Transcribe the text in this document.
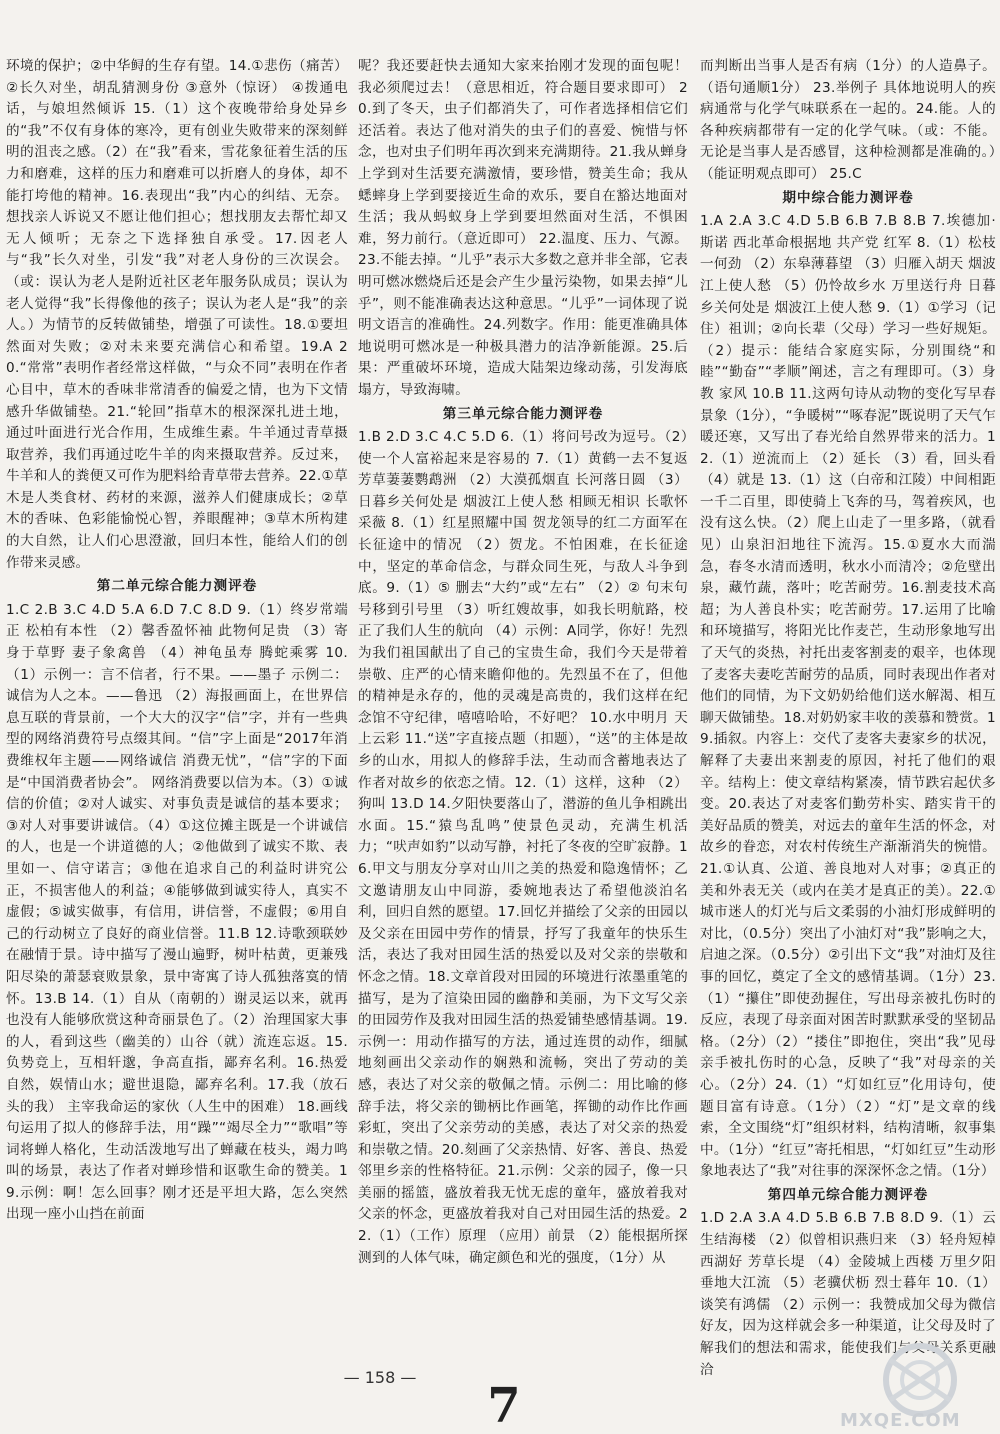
环境的保护；②中华鲟的生存有望。14.①悲伤（痛苦） ②长久对坐，胡乱猜测身份 ③意外（惊讶） ④拨通电话，与娘坦然倾诉 15.（1）这个夜晚带给身处异乡的“我”不仅有身体的寒冷，更有创业失败带来的深刻鲜明的沮丧之感。（2）在“我”看来，雪花象征着生活的压力和磨难，这样的压力和磨难可以折磨人的身体，却不能打垮他的精神。16.表现出“我”内心的纠结、无奈。想找亲人诉说又不愿让他们担心；想找朋友去帮忙却又无人倾听；无奈之下选择独自承受。17.因老人与“我”长久对坐，引发“我”对老人身份的三次误会。（或：误认为老人是附近社区老年服务队成员；误认为老人觉得“我”长得像他的孩子；误认为老人是“我”的亲人。）为情节的反转做铺垫，增强了可读性。18.①要坦然面对失败；②对未来要充满信心和希望。19.A 20.“常常”表明作者经常这样做，“与众不同”表明在作者心目中，草木的香味非常清香的偏爱之情，也为下文情感升华做铺垫。21.“轮回”指草木的根深深扎进土地，通过叶面进行光合作用，生成维生素。牛羊通过青草摄取营养，我们再通过吃牛羊的肉来摄取营养。反过来，牛羊和人的粪便又可作为肥料给青草带去营养。22.①草木是人类食材、药材的来源，滋养人们健康成长；②草木的香味、色彩能愉悦心智，养眼醒神；③草木所构建的大自然，让人们心思澄澈，回归本性，能给人们的创作带来灵感。

第二单元综合能力测评卷

1.C 2.B 3.C 4.D 5.A 6.D 7.C 8.D 9.（1）终岁常端正 松柏有本性 （2）馨香盈怀袖 此物何足贵 （3）寄身于草野 妻子象禽兽 （4）神龟虽寿 腾蛇乘雾 10.（1）示例一：言不信者，行不果。——墨子 示例二：诚信为人之本。——鲁迅 （2）海报画面上，在世界信息互联的背景前，一个大大的汉字“信”字，并有一些典型的网络消费符号点缀其间。“信”字上面是“2017年消费维权年主题——网络诚信 消费无忧”，“信”字的下面是“中国消费者协会”。 网络消费要以信为本。（3）①诚信的价值；②对人诚实、对事负责是诚信的基本要求；③对人对事要讲诚信。（4）①这位摊主既是一个讲诚信的人，也是一个讲道德的人；②他做到了诚实不欺、表里如一、信守诺言；③他在追求自己的利益时讲究公正，不损害他人的利益；④能够做到诚实待人，真实不虚假；⑤诚实做事，有信用，讲信誉，不虚假；⑥用自己的行动树立了良好的商业信誉。11.B 12.诗歌颈联妙在融情于景。诗中描写了漫山遍野，树叶枯黄，更兼残阳尽染的萧瑟衰败景象，景中寄寓了诗人孤独落寞的情怀。13.B 14.（1）自从（南朝的）谢灵运以来，就再也没有人能够欣赏这种奇丽景色了。（2）治理国家大事的人，看到这些（幽美的）山谷（就）流连忘返。15.负势竞上，互相轩邈，争高直指，鄙弃名利。16.热爱自然，娱情山水；避世退隐，鄙弃名利。17.我（放石头的我） 主宰我命运的家伙（人生中的困难） 18.画线句运用了拟人的修辞手法，用“躁”“竭尽全力”“歌唱”等词将蝉人格化，生动活泼地写出了蝉藏在枝头，竭力鸣叫的场景，表达了作者对蝉珍惜和讴歌生命的赞美。19.示例：啊！怎么回事？刚才还是平坦大路，怎么突然出现一座小山挡在前面

呢？我还要赶快去通知大家来抬刚才发现的面包呢！我必须爬过去！（意思相近，符合题目要求即可） 20.到了冬天，虫子们都消失了，可作者选择相信它们还活着。表达了他对消失的虫子们的喜爱、惋惜与怀念，也对虫子们明年再次到来充满期待。21.我从蝉身上学到对生活要充满激情，要珍惜，赞美生命；我从蟋蟀身上学到要接近生命的欢乐，要自在豁达地面对生活；我从蚂蚁身上学到要坦然面对生活，不惧困难，努力前行。（意近即可） 22.温度、压力、气源。23.不能去掉。“儿乎”表示大多数之意并非全部，它表明可燃冰燃烧后还是会产生少量污染物，如果去掉“儿乎”，则不能准确表达这种意思。“儿乎”一词体现了说明文语言的准确性。24.列数字。作用：能更准确具体地说明可燃冰是一种极具潜力的洁净新能源。25.后果：严重破坏环境，造成大陆架边缘动荡，引发海底塌方，导致海啸。

第三单元综合能力测评卷

1.B 2.D 3.C 4.C 5.D 6.（1）将问号改为逗号。（2）使一个人富裕起来是容易的 7.（1）黄鹤一去不复返 芳草萋萋鹦鹉洲 （2）大漠孤烟直 长河落日圆 （3）日暮乡关何处是 烟波江上使人愁 相顾无相识 长歌怀采薇 8.（1）红星照耀中国 贺龙领导的红二方面军在长征途中的情况 （2）贺龙。不怕困难，在长征途中，坚定的革命信念，与群众同生死，与敌人斗争到底。9.（1）⑤ 删去“大约”或“左右” （2）② 句末句号移到引号里 （3）听红嫂故事，如我长明航路，校正了我们人生的航向 （4）示例：A同学，你好！先烈为我们祖国献出了自己的宝贵生命，我们今天是带着崇敬、庄严的心情来瞻仰他的。先烈虽不在了，但他的精神是永存的，他的灵魂是高贵的，我们这样在纪念馆不守纪律，嘻嘻哈哈，不好吧？ 10.水中明月 天上云彩 11.“送”字直接点题（扣题），“送”的主体是故乡的山水，用拟人的修辞手法，生动而含蓄地表达了作者对故乡的依恋之情。12.（1）这样，这种 （2）狗叫 13.D 14.夕阳快要落山了，潜游的鱼儿争相跳出水面。15.“猿鸟乱鸣”使景色灵动，充满生机活力；“吠声如豹”以动写静，衬托了冬夜的空旷寂静。16.甲文与朋友分享对山川之美的热爱和隐逸情怀；乙文邀请朋友山中同游，委婉地表达了希望他淡泊名利，回归自然的愿望。17.回忆并描绘了父亲的田园以及父亲在田园中劳作的情景，抒写了我童年的快乐生活，表达了我对田园生活的热爱以及对父亲的崇敬和怀念之情。18.文章首段对田园的环境进行浓墨重笔的描写，是为了渲染田园的幽静和美丽，为下文写父亲的田园劳作及我对田园生活的热爱铺垫感情基调。19.示例一：用动作描写的方法，通过连贯的动作，细腻地刻画出父亲动作的娴熟和流畅，突出了劳动的美感，表达了对父亲的敬佩之情。示例二：用比喻的修辞手法，将父亲的锄柄比作画笔，挥锄的动作比作画彩虹，突出了父亲劳动的美感，表达了对父亲的热爱和崇敬之情。20.刻画了父亲热情、好客、善良、热爱邻里乡亲的性格特征。21.示例：父亲的园子，像一只美丽的摇篮，盛放着我无忧无虑的童年，盛放着我对父亲的怀念，更盛放着我对自己对田园生活的热爱。22.（1）（工作）原理 （应用）前景 （2）能根据所探测到的人体气味，确定颜色和光的强度，（1分）从

而判断出当事人是否有病（1分）的人造鼻子。（语句通顺1分） 23.举例子 具体地说明人的疾病通常与化学气味联系在一起的。24.能。人的各种疾病都带有一定的化学气味。（或：不能。无论是当事人是否感冒，这种检测都是准确的。）（能证明观点即可） 25.C

期中综合能力测评卷

1.A 2.A 3.C 4.D 5.B 6.B 7.B 8.B 7.埃德加·斯诺 西北革命根据地 共产党 红军 8.（1）松枝一何劲 （2）东皋薄暮望 （3）归雁入胡天 烟波江上使人愁 （5）仍怜故乡水 万里送行舟 日暮乡关何处是 烟波江上使人愁 9.（1）①学习（记住）祖训；②向长辈（父母）学习一些好规矩。（2）提示：能结合家庭实际，分别围绕“和睦”“勤奋”“孝顺”阐述，言之有理即可。（3）身教 家风 10.B 11.这两句诗从动物的变化写早春景象（1分），“争暖树”“啄春泥”既说明了天气乍暖还寒，又写出了春光给自然界带来的活力。12.（1）逆流而上 （2）延长 （3）看，回头看 （4）就是 13.（1）这（白帝和江陵）中间相距一千二百里，即使骑上飞奔的马，驾着疾风，也没有这么快。（2）爬上山走了一里多路，（就看见）山泉汩汩地往下流泻。15.①夏水大而湍急，春冬水清而透明，秋水小而清冷；②危壁出泉，藏竹蔬，落叶；吃苦耐劳。16.割麦技术高超；为人善良朴实；吃苦耐劳。17.运用了比喻和环境描写，将阳光比作麦芒，生动形象地写出了天气的炎热，衬托出麦客割麦的艰辛，也体现了麦客夫妻吃苦耐劳的品质，同时表现出作者对他们的同情，为下文奶奶给他们送水解渴、相互聊天做铺垫。18.对奶奶家丰收的羡慕和赞赏。19.插叙。内容上：交代了麦客夫妻家乡的状况，解释了夫妻出来割麦的原因，衬托了他们的艰辛。结构上：使文章结构紧凑，情节跌宕起伏多变。20.表达了对麦客们勤劳朴实、踏实肯干的美好品质的赞美，对远去的童年生活的怀念，对故乡的眷恋，对农村传统生产渐渐消失的惋惜。21.①认真、公道、善良地对人对事；②真正的美和外表无关（或内在美才是真正的美）。22.①城市迷人的灯光与后文柔弱的小油灯形成鲜明的对比，（0.5分）突出了小油灯对“我”影响之大，启迪之深。（0.5分）②引出下文“我”对油灯及往事的回忆，奠定了全文的感情基调。（1分）23.（1）“攥住”即使劲握住，写出母亲被扎伤时的反应，表现了母亲面对困苦时默默承受的坚韧品格。（2分）（2）“搂住”即抱住，突出“我”见母亲手被扎伤时的心急，反映了“我”对母亲的关心。（2分）24.（1）“灯如红豆”化用诗句，使题目富有诗意。（1分）（2）“灯”是文章的线索，全文围绕“灯”组织材料，结构清晰，叙事集中。（1分）“红豆”寄托相思，“灯如红豆”生动形象地表达了“我”对往事的深深怀念之情。（1分）

第四单元综合能力测评卷

1.D 2.A 3.A 4.D 5.B 6.B 7.B 8.D 9.（1）云生结海楼 （2）似曾相识燕归来 （3）轻舟短棹西湖好 芳草长堤 （4）金陵城上西楼 万里夕阳垂地大江流 （5）老骥伏枥 烈士暮年 10.（1）谈笑有鸿儒 （2）示例一：我赞成加父母为微信好友，因为这样就会多一种渠道，让父母及时了解我们的想法和需求，能使我们与父母关系更融洽

— 158 —
7	MXQE.COM
